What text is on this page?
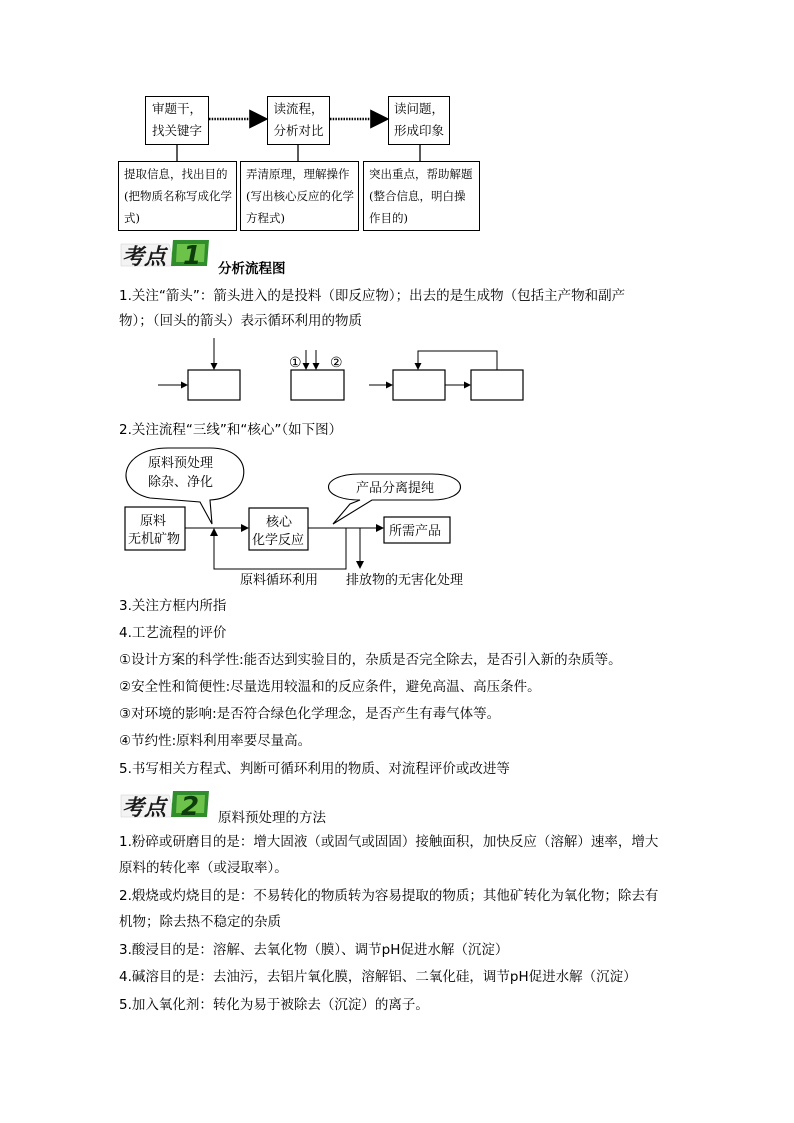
审题干，
找关键字
读流程，
分析对比
读问题，
形成印象
提取信息，找出目的(把物质名称写成化学式)
弄清原理，理解操作(写出核心反应的化学方程式)
突出重点，帮助解题(整合信息，明白操作目的)
考点 1 分析流程图
1.关注“箭头”：箭头进入的是投料（即反应物）；出去的是生成物（包括主产物和副产
物）；（回头的箭头）表示循环利用的物质
① ②
2.关注流程“三线”和“核心”（如下图）
原料预处理
除杂、净化	产品分离提纯
原料
无机矿物
核心
化学反应
所需产品
原料循环利用 排放物的无害化处理
3.关注方框内所指
4.工艺流程的评价
①设计方案的科学性:能否达到实验目的，杂质是否完全除去，是否引入新的杂质等。
②安全性和简便性:尽量选用较温和的反应条件，避免高温、高压条件。
③对环境的影响:是否符合绿色化学理念，是否产生有毒气体等。
④节约性:原料利用率要尽量高。
5.书写相关方程式、判断可循环利用的物质、对流程评价或改进等
考点 2 原料预处理的方法
1.粉碎或研磨目的是：增大固液（或固气或固固）接触面积，加快反应（溶解）速率，增大
原料的转化率（或浸取率）。
2.煅烧或灼烧目的是：不易转化的物质转为容易提取的物质；其他矿转化为氧化物；除去有
机物；除去热不稳定的杂质
3.酸浸目的是：溶解、去氧化物（膜）、调节pH促进水解（沉淀）
4.碱溶目的是：去油污，去铝片氧化膜，溶解铝、二氧化硅，调节pH促进水解（沉淀）
5.加入氧化剂：转化为易于被除去（沉淀）的离子。
